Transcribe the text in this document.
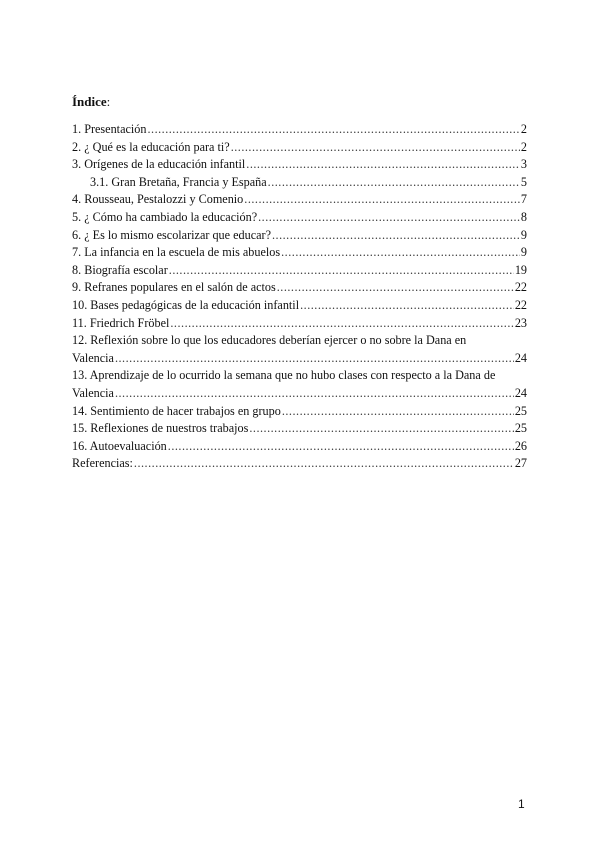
Índice:
1. Presentación .....	2
2. ¿ Qué es la educación para ti? .....	2
3. Orígenes de la educación infantil .....	3
3.1. Gran Bretaña, Francia y España .....	5
4. Rousseau, Pestalozzi y Comenio .....	7
5. ¿ Cómo ha cambiado la educación? .....	8
6. ¿ Es lo mismo escolarizar que educar? .....	9
7. La infancia en la escuela de mis abuelos .....	9
8. Biografía escolar .....	19
9. Refranes populares en el salón de actos .....	22
10. Bases pedagógicas de la educación infantil .....	22
11. Friedrich Fröbel .....	23
12. Reflexión sobre lo que los educadores deberían ejercer o no sobre la Dana en
Valencia .....	24
13. Aprendizaje de lo ocurrido la semana que no hubo clases con respecto a la Dana de
Valencia .....	24
14. Sentimiento de hacer trabajos en grupo .....	25
15. Reflexiones de nuestros trabajos .....	25
16. Autoevaluación .....	26
Referencias: .....	27
1
